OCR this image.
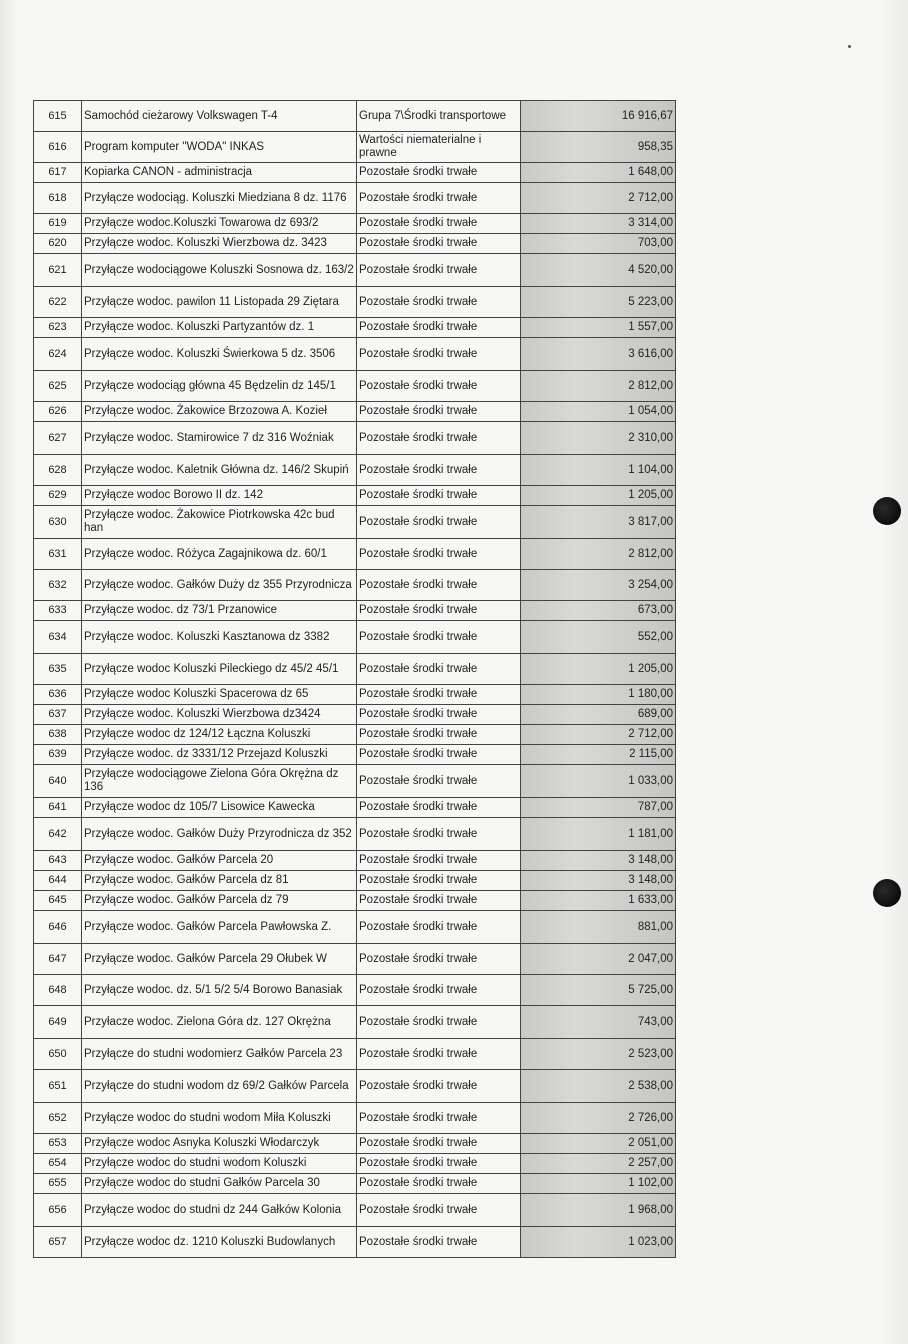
615	Samochód cieżarowy Volkswagen T-4	Grupa 7\Środki transportowe	16 916,67
616	Program komputer "WODA" INKAS	Wartości niematerialne i prawne	958,35
617	Kopiarka CANON - administracja	Pozostałe środki trwałe	1 648,00
618	Przyłącze wodociąg. Koluszki Miedziana 8 dz. 1176	Pozostałe środki trwałe	2 712,00
619	Przyłącze wodoc.Koluszki Towarowa dz 693/2	Pozostałe środki trwałe	3 314,00
620	Przyłącze wodoc. Koluszki Wierzbowa dz. 3423	Pozostałe środki trwałe	703,00
621	Przyłącze wodociągowe Koluszki Sosnowa dz. 163/2	Pozostałe środki trwałe	4 520,00
622	Przyłącze wodoc. pawilon 11 Listopada 29 Ziętara	Pozostałe środki trwałe	5 223,00
623	Przyłącze wodoc. Koluszki Partyzantów dz. 1	Pozostałe środki trwałe	1 557,00
624	Przyłącze wodoc. Koluszki Świerkowa 5 dz. 3506	Pozostałe środki trwałe	3 616,00
625	Przyłącze wodociąg główna 45 Będzelin dz 145/1	Pozostałe środki trwałe	2 812,00
626	Przyłącze wodoc. Żakowice Brzozowa A. Kozieł	Pozostałe środki trwałe	1 054,00
627	Przyłącze wodoc. Stamirowice 7 dz 316 Woźniak	Pozostałe środki trwałe	2 310,00
628	Przyłącze wodoc. Kaletnik Główna dz. 146/2 Skupiń	Pozostałe środki trwałe	1 104,00
629	Przyłącze wodoc Borowo II dz. 142	Pozostałe środki trwałe	1 205,00
630	Przyłącze wodoc. Żakowice Piotrkowska 42c bud han	Pozostałe środki trwałe	3 817,00
631	Przyłącze wodoc. Różyca Zagajnikowa dz. 60/1	Pozostałe środki trwałe	2 812,00
632	Przyłącze wodoc. Gałków Duży dz 355 Przyrodnicza	Pozostałe środki trwałe	3 254,00
633	Przyłącze wodoc. dz 73/1 Przanowice	Pozostałe środki trwałe	673,00
634	Przyłącze wodoc. Koluszki Kasztanowa dz 3382	Pozostałe środki trwałe	552,00
635	Przyłącze wodoc Koluszki Pileckiego dz 45/2 45/1	Pozostałe środki trwałe	1 205,00
636	Przyłącze wodoc Koluszki Spacerowa dz 65	Pozostałe środki trwałe	1 180,00
637	Przyłącze wodoc. Koluszki Wierzbowa dz3424	Pozostałe środki trwałe	689,00
638	Przyłącze wodoc dz 124/12 Łączna Koluszki	Pozostałe środki trwałe	2 712,00
639	Przyłącze wodoc. dz 3331/12 Przejazd Koluszki	Pozostałe środki trwałe	2 115,00
640	Przyłącze wodociągowe Zielona Góra Okrężna dz 136	Pozostałe środki trwałe	1 033,00
641	Przyłącze wodoc dz 105/7 Lisowice Kawecka	Pozostałe środki trwałe	787,00
642	Przyłącze wodoc. Gałków Duży Przyrodnicza dz 352	Pozostałe środki trwałe	1 181,00
643	Przyłącze wodoc. Gałków Parcela 20	Pozostałe środki trwałe	3 148,00
644	Przyłącze wodoc. Gałków Parcela dz 81	Pozostałe środki trwałe	3 148,00
645	Przyłącze wodoc. Gałków Parcela dz 79	Pozostałe środki trwałe	1 633,00
646	Przyłącze wodoc. Gałków Parcela Pawłowska Z.	Pozostałe środki trwałe	881,00
647	Przyłącze wodoc. Gałków Parcela 29 Ołubek W	Pozostałe środki trwałe	2 047,00
648	Przyłącze wodoc. dz. 5/1 5/2 5/4 Borowo Banasiak	Pozostałe środki trwałe	5 725,00
649	Przyłacze wodoc. Zielona Góra dz. 127 Okrężna	Pozostałe środki trwałe	743,00
650	Przyłącze do studni wodomierz Gałków Parcela 23	Pozostałe środki trwałe	2 523,00
651	Przyłącze do studni wodom dz 69/2 Gałków Parcela	Pozostałe środki trwałe	2 538,00
652	Przyłącze wodoc do studni wodom Miła Koluszki	Pozostałe środki trwałe	2 726,00
653	Przyłącze wodoc Asnyka Koluszki Włodarczyk	Pozostałe środki trwałe	2 051,00
654	Przyłącze wodoc do studni wodom Koluszki	Pozostałe środki trwałe	2 257,00
655	Przyłącze wodoc do studni Gałków Parcela 30	Pozostałe środki trwałe	1 102,00
656	Przyłącze wodoc do studni dz 244 Gałków Kolonia	Pozostałe środki trwałe	1 968,00
657	Przyłącze wodoc dz. 1210 Koluszki Budowlanych	Pozostałe środki trwałe	1 023,00
